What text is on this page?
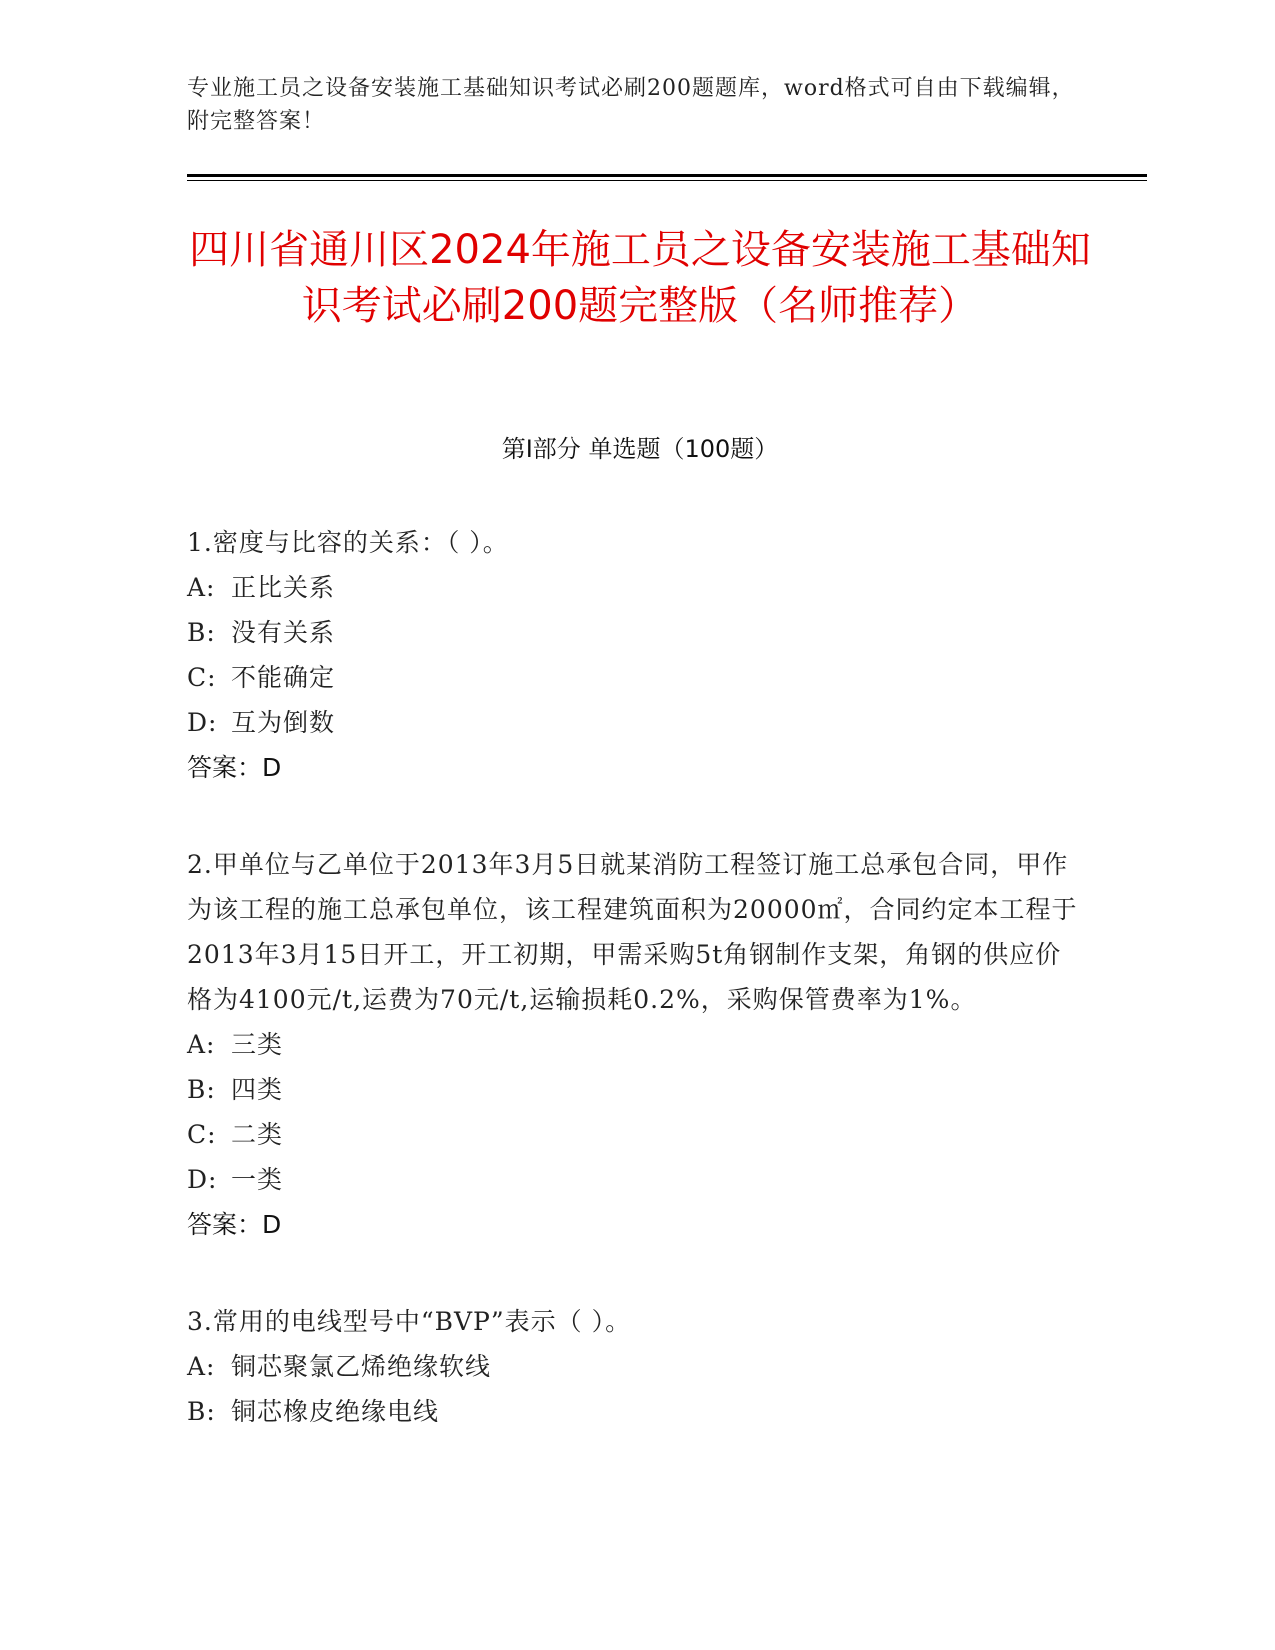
专业施工员之设备安装施工基础知识考试必刷200题题库，word格式可自由下载编辑，附完整答案！
四川省通川区2024年施工员之设备安装施工基础知识考试必刷200题完整版（名师推荐）
第I部分 单选题（100题）
1.密度与比容的关系：（ ）。
A: 正比关系
B: 没有关系
C: 不能确定
D: 互为倒数
答案：D
2.甲单位与乙单位于2013年3月5日就某消防工程签订施工总承包合同，甲作为该工程的施工总承包单位，该工程建筑面积为20000㎡，合同约定本工程于2013年3月15日开工，开工初期，甲需采购5t角钢制作支架，角钢的供应价格为4100元/t,运费为70元/t,运输损耗0.2%，采购保管费率为1%。
A: 三类
B: 四类
C: 二类
D: 一类
答案：D
3.常用的电线型号中“BVP”表示（ ）。
A: 铜芯聚氯乙烯绝缘软线
B: 铜芯橡皮绝缘电线
